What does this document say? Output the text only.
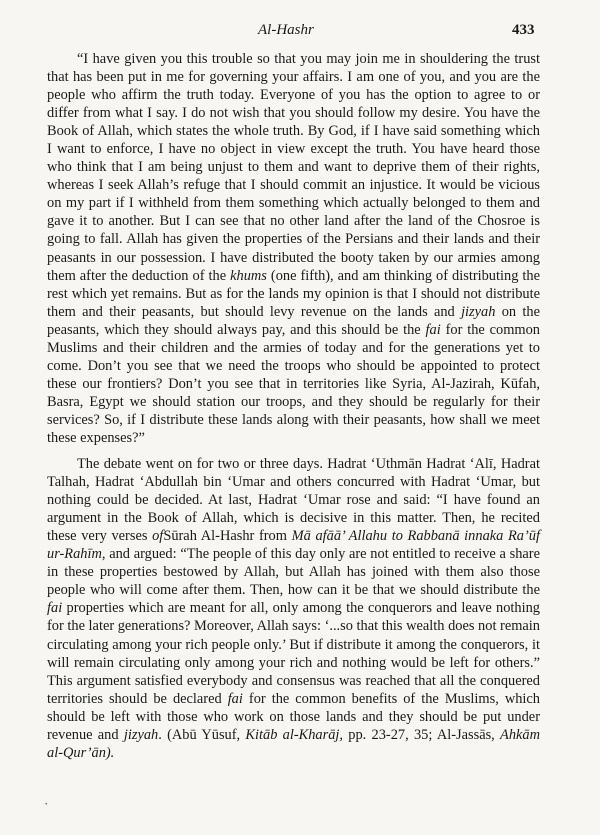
Al-Hashr	433

“I have given you this trouble so that you may join me in shouldering the trust that has been put in me for governing your affairs. I am one of you, and you are the people who affirm the truth today. Everyone of you has the option to agree to or differ from what I say. I do not wish that you should follow my desire. You have the Book of Allah, which states the whole truth. By God, if I have said something which I want to enforce, I have no object in view except the truth. You have heard those who think that I am being unjust to them and want to deprive them of their rights, whereas I seek Allah’s refuge that I should commit an injustice. It would be vicious on my part if I withheld from them something which actually belonged to them and gave it to another. But I can see that no other land after the land of the Chosroe is going to fall. Allah has given the properties of the Persians and their lands and their peasants in our possession. I have distributed the booty taken by our armies among them after the deduction of the khums (one fifth), and am thinking of distributing the rest which yet remains. But as for the lands my opinion is that I should not distribute them and their peasants, but should levy revenue on the lands and jizyah on the peasants, which they should always pay, and this should be the fai for the common Muslims and their children and the armies of today and for the generations yet to come. Don’t you see that we need the troops who should be appointed to protect these our frontiers? Don’t you see that in territories like Syria, Al-Jazirah, Kūfah, Basra, Egypt we should station our troops, and they should be regularly for their services? So, if I distribute these lands along with their peasants, how shall we meet these expenses?”

The debate went on for two or three days. Hadrat ‘Uthmān Hadrat ‘Alī, Hadrat Talhah, Hadrat ‘Abdullah bin ‘Umar and others concurred with Hadrat ‘Umar, but nothing could be decided. At last, Hadrat ‘Umar rose and said: “I have found an argument in the Book of Allah, which is decisive in this matter. Then, he recited these very verses ofSūrah Al-Hashr from Mā afāā’ Allahu to Rabbanā innaka Ra’ūf ur-Rahīm, and argued: “The people of this day only are not entitled to receive a share in these properties bestowed by Allah, but Allah has joined with them also those people who will come after them. Then, how can it be that we should distribute the fai properties which are meant for all, only among the conquerors and leave nothing for the later generations? Moreover, Allah says: ‘...so that this wealth does not remain circulating among your rich people only.’ But if distribute it among the conquerors, it will remain circulating only among your rich and nothing would be left for others.” This argument satisfied everybody and consensus was reached that all the conquered territories should be declared fai for the common benefits of the Muslims, which should be left with those who work on those lands and they should be put under revenue and jizyah. (Abū Yūsuf, Kitāb al-Kharāj, pp. 23-27, 35; Al-Jassās, Ahkām al-Qur’ān).

·
